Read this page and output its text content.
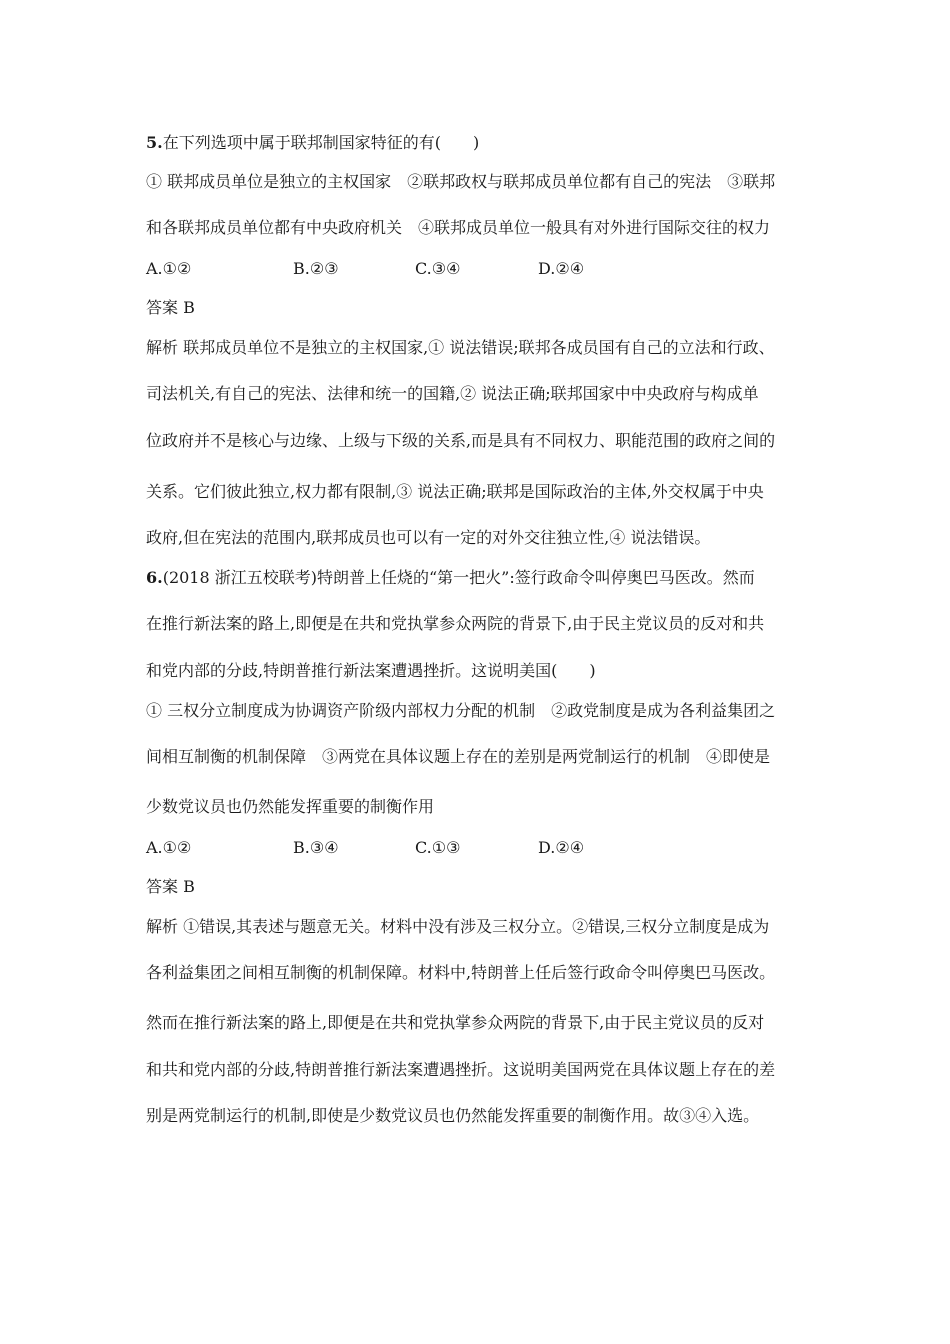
5.在下列选项中属于联邦制国家特征的有(　　)
① 联邦成员单位是独立的主权国家　②联邦政权与联邦成员单位都有自己的宪法　③联邦
和各联邦成员单位都有中央政府机关　④联邦成员单位一般具有对外进行国际交往的权力
A.①②	B.②③	C.③④	D.②④
答案 B
解析 联邦成员单位不是独立的主权国家,① 说法错误;联邦各成员国有自己的立法和行政、
司法机关,有自己的宪法、法律和统一的国籍,② 说法正确;联邦国家中中央政府与构成单
位政府并不是核心与边缘、上级与下级的关系,而是具有不同权力、职能范围的政府之间的
关系。它们彼此独立,权力都有限制,③ 说法正确;联邦是国际政治的主体,外交权属于中央
政府,但在宪法的范围内,联邦成员也可以有一定的对外交往独立性,④ 说法错误。
6.(2018 浙江五校联考)特朗普上任烧的“第一把火”:签行政命令叫停奥巴马医改。然而
在推行新法案的路上,即便是在共和党执掌参众两院的背景下,由于民主党议员的反对和共
和党内部的分歧,特朗普推行新法案遭遇挫折。这说明美国(　　)
① 三权分立制度成为协调资产阶级内部权力分配的机制　②政党制度是成为各利益集团之
间相互制衡的机制保障　③两党在具体议题上存在的差别是两党制运行的机制　④即使是
少数党议员也仍然能发挥重要的制衡作用
A.①②	B.③④	C.①③	D.②④
答案 B
解析 ①错误,其表述与题意无关。材料中没有涉及三权分立。②错误,三权分立制度是成为
各利益集团之间相互制衡的机制保障。材料中,特朗普上任后签行政命令叫停奥巴马医改。
然而在推行新法案的路上,即便是在共和党执掌参众两院的背景下,由于民主党议员的反对
和共和党内部的分歧,特朗普推行新法案遭遇挫折。这说明美国两党在具体议题上存在的差
别是两党制运行的机制,即使是少数党议员也仍然能发挥重要的制衡作用。故③④入选。
